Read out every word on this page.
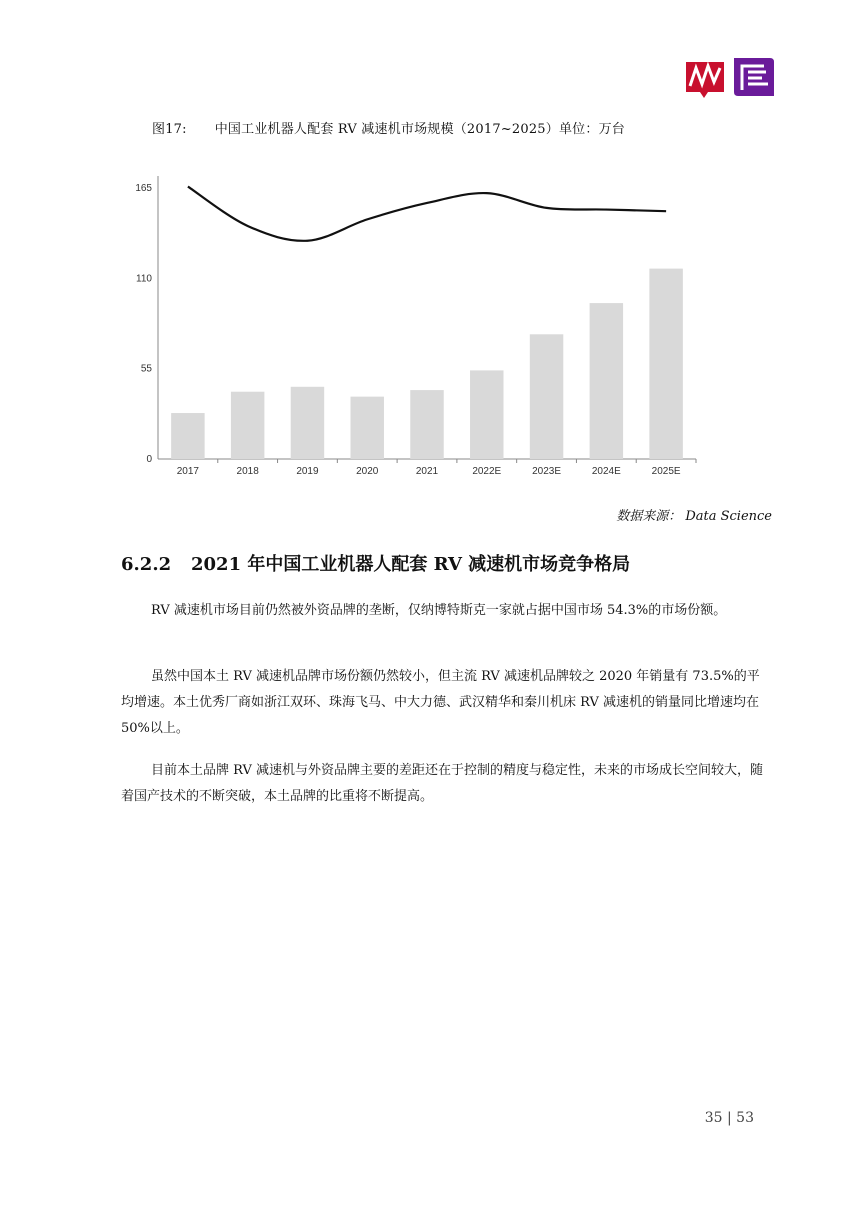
图17: 中国工业机器人配套 RV 减速机市场规模（2017~2025）单位：万台
0
55
110
165
2017	2018	2019	2020	2021	2022E	2023E	2024E	2025E
数据来源： Data Science
6.2.2 2021 年中国工业机器人配套 RV 减速机市场竞争格局

RV 减速机市场目前仍然被外资品牌的垄断，仅纳博特斯克一家就占据中国市场 54.3%的市场份额。

虽然中国本土 RV 减速机品牌市场份额仍然较小，但主流 RV 减速机品牌较之 2020 年销量有 73.5%的平均增速。本土优秀厂商如浙江双环、珠海飞马、中大力德、武汉精华和秦川机床 RV 减速机的销量同比增速均在 50%以上。

目前本土品牌 RV 减速机与外资品牌主要的差距还在于控制的精度与稳定性，未来的市场成长空间较大，随着国产技术的不断突破，本土品牌的比重将不断提高。

35 | 53
